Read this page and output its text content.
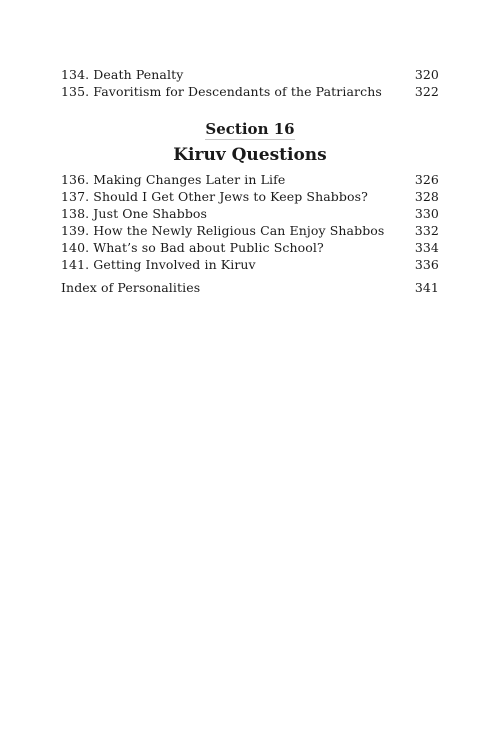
134. Death Penalty	320
135. Favoritism for Descendants of the Patriarchs	322
Section 16
Kiruv Questions
136. Making Changes Later in Life	326
137. Should I Get Other Jews to Keep Shabbos?	328
138. Just One Shabbos	330
139. How the Newly Religious Can Enjoy Shabbos 332
140. What’s so Bad about Public School?	334
141. Getting Involved in Kiruv	336
Index of Personalities	341
